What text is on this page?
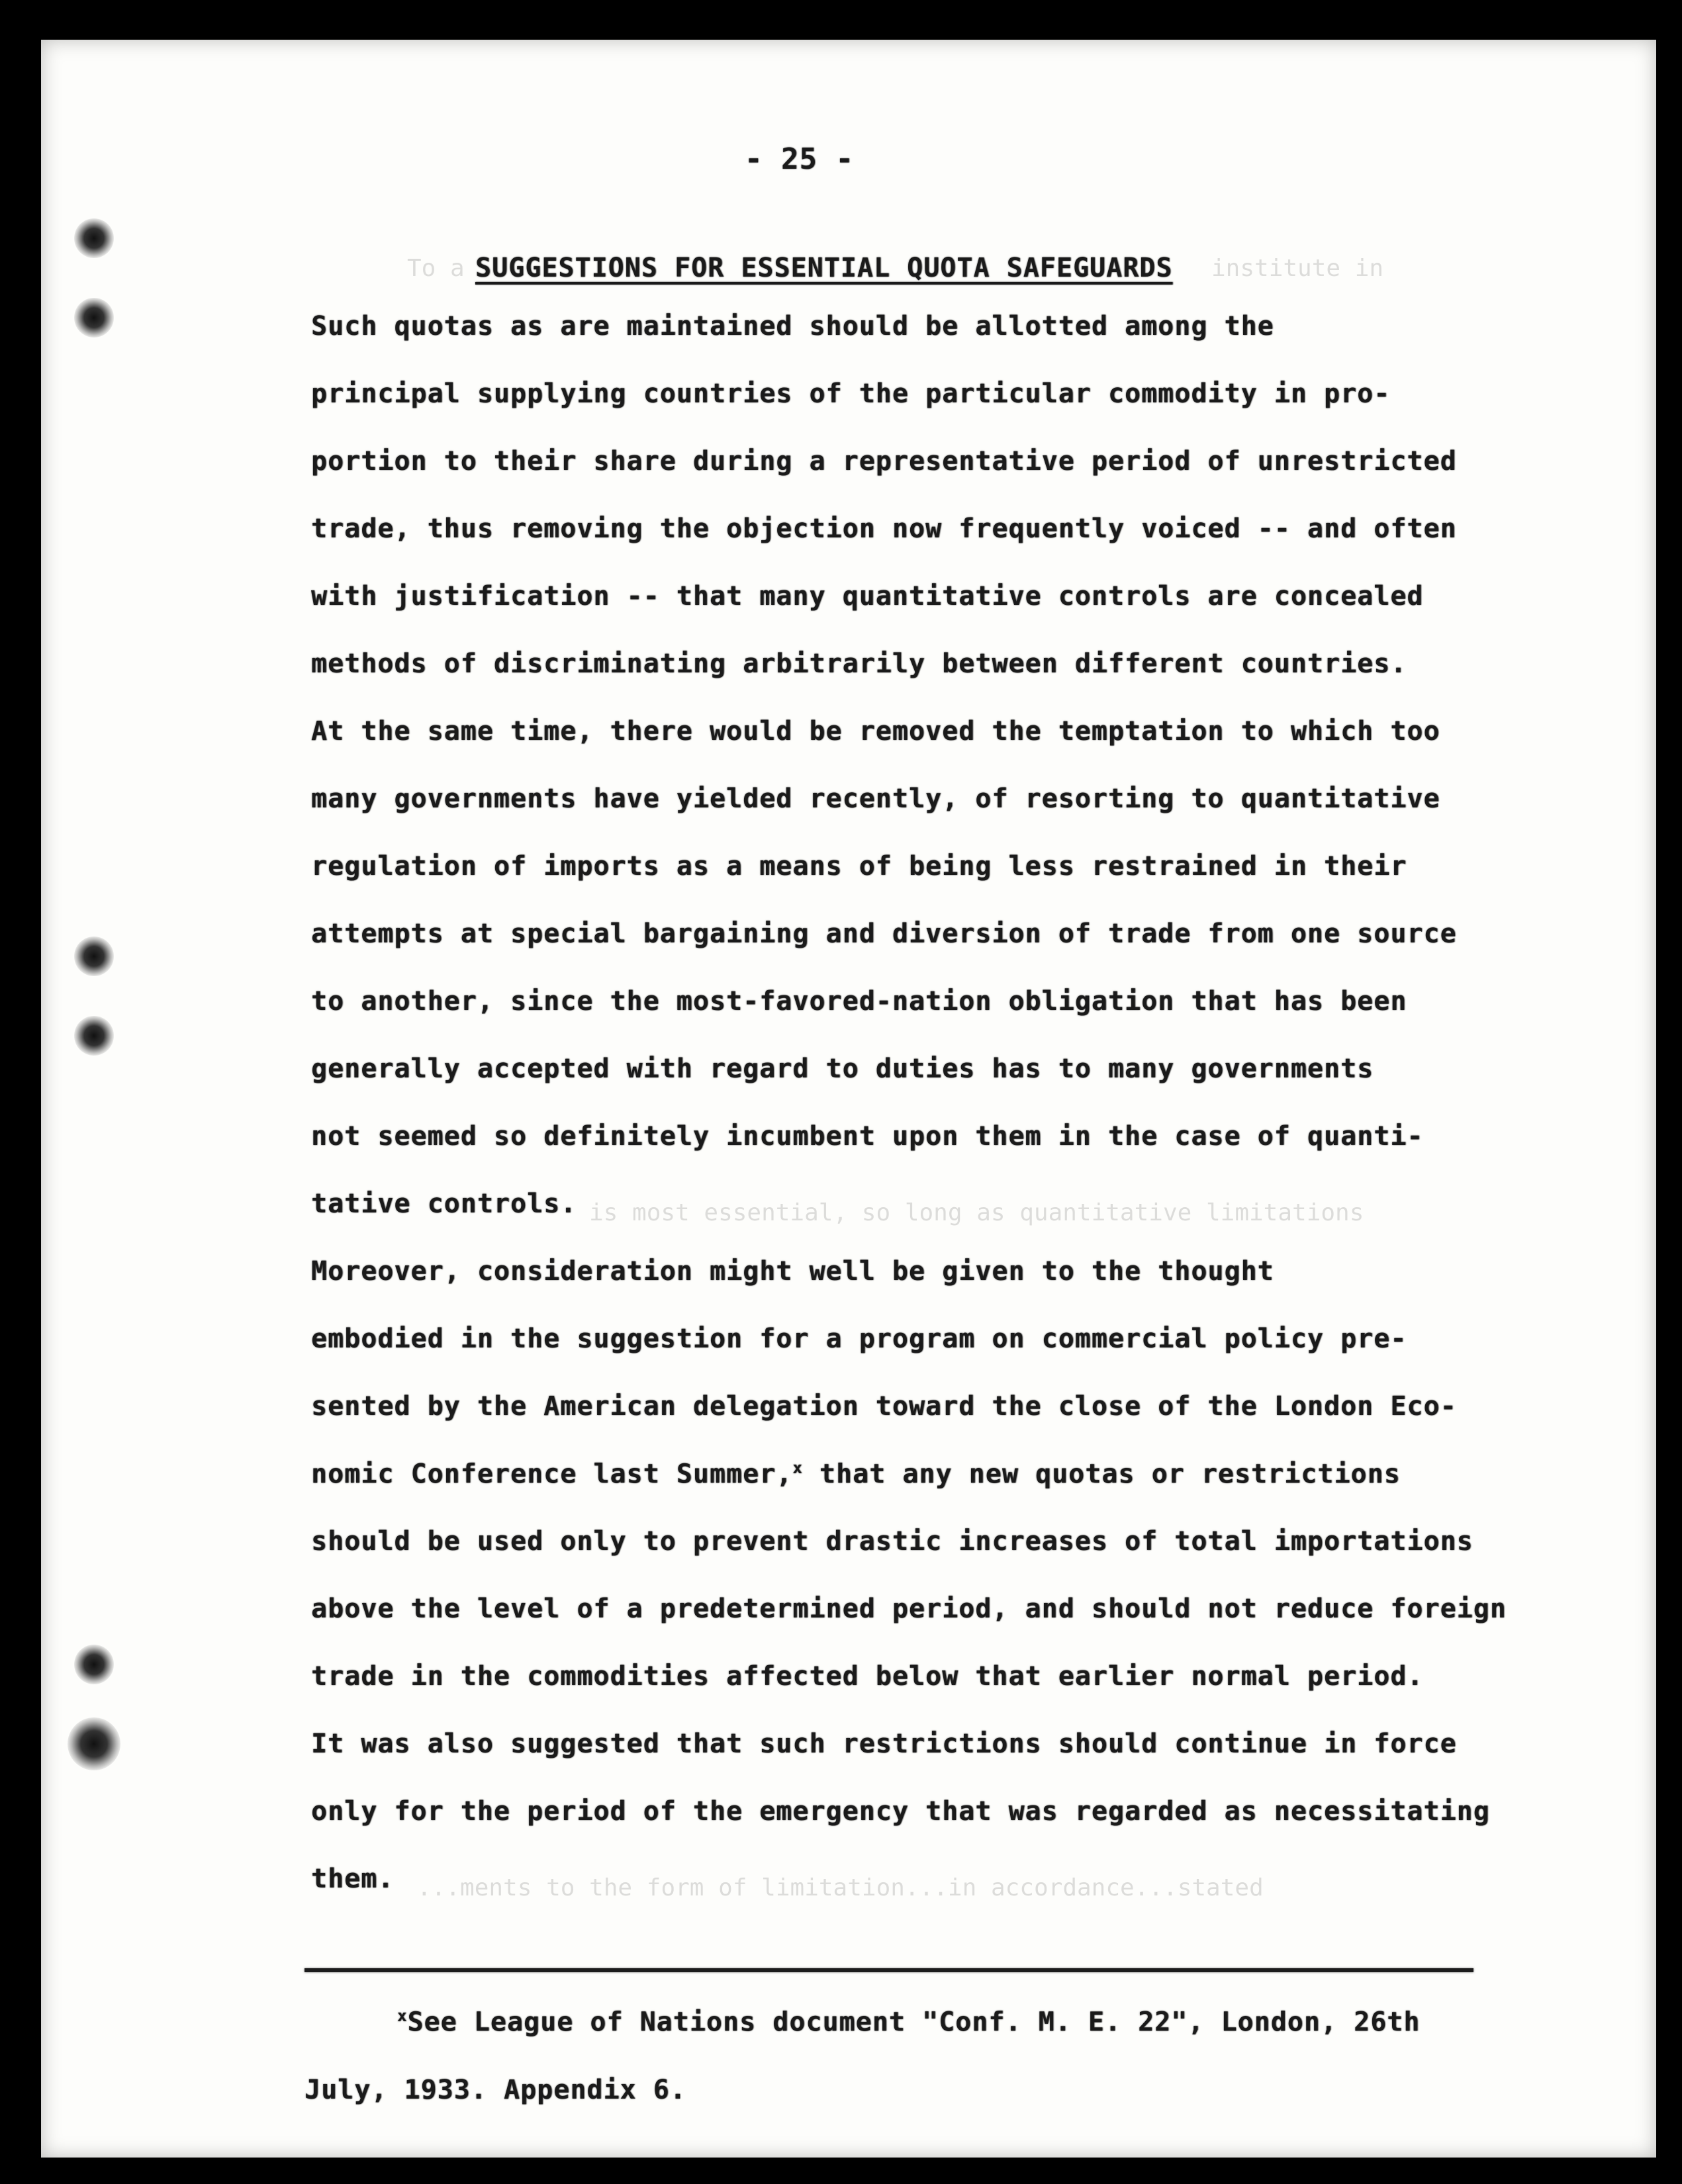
To a	institute in
is most essential, so long as quantitative limitations
...ments to the form of limitation...in accordance...stated
- 25 -
SUGGESTIONS FOR ESSENTIAL QUOTA SAFEGUARDS
Such quotas as are maintained should be allotted among the
principal supplying countries of the particular commodity in pro-
portion to their share during a representative period of unrestricted
trade, thus removing the objection now frequently voiced -- and often
with justification -- that many quantitative controls are concealed
methods of discriminating arbitrarily between different countries.
At the same time, there would be removed the temptation to which too
many governments have yielded recently, of resorting to quantitative
regulation of imports as a means of being less restrained in their
attempts at special bargaining and diversion of trade from one source
to another, since the most-favored-nation obligation that has been
generally accepted with regard to duties has to many governments
not seemed so definitely incumbent upon them in the case of quanti-
tative controls.
Moreover, consideration might well be given to the thought
embodied in the suggestion for a program on commercial policy pre-
sented by the American delegation toward the close of the London Eco-
nomic Conference last Summer,$^x$ that any new quotas or restrictions
should be used only to prevent drastic increases of total importations
above the level of a predetermined period, and should not reduce foreign
trade in the commodities affected below that earlier normal period.
It was also suggested that such restrictions should continue in force
only for the period of the emergency that was regarded as necessitating
them.
$^x$See League of Nations document "Conf. M. E. 22", London, 26th
July, 1933. Appendix 6.
